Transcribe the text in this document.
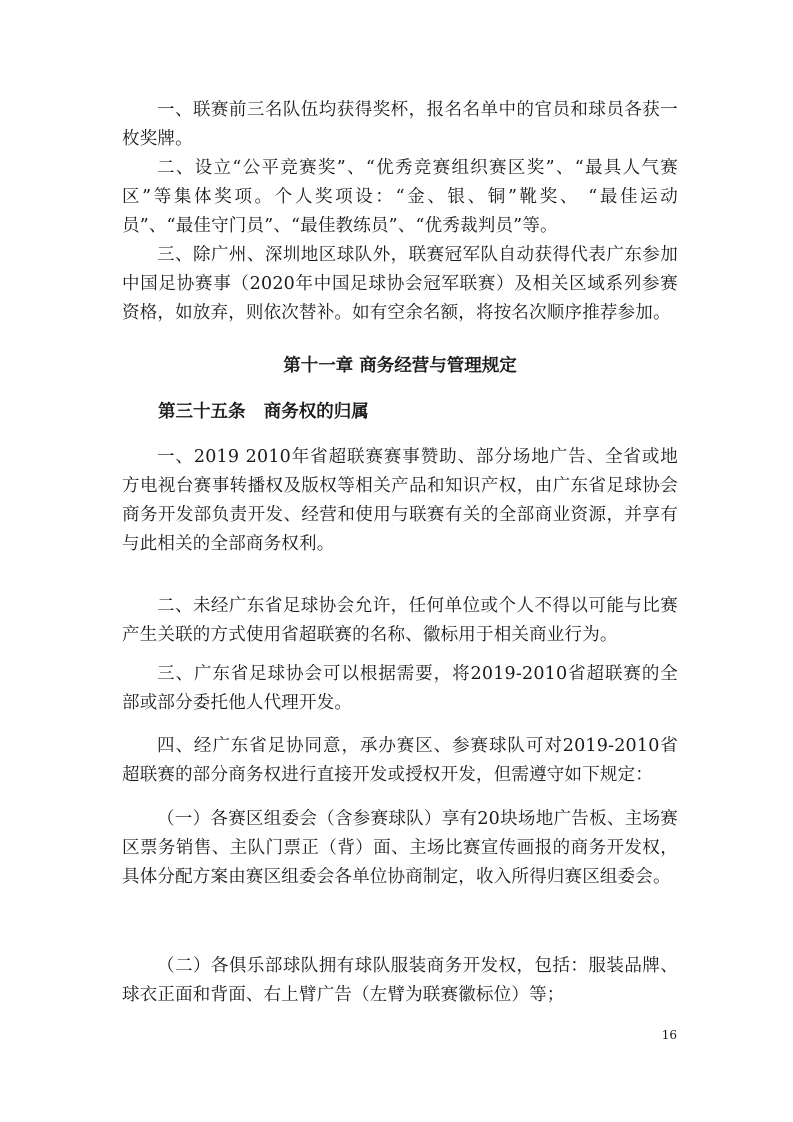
一、联赛前三名队伍均获得奖杯，报名名单中的官员和球员各获一枚奖牌。

二、设立“公平竞赛奖”、“优秀竞赛组织赛区奖”、“最具人气赛区”等集体奖项。个人奖项设：“金、银、铜”靴奖、 “最佳运动员”、“最佳守门员”、“最佳教练员”、“优秀裁判员”等。

三、除广州、深圳地区球队外，联赛冠军队自动获得代表广东参加中国足协赛事（2020年中国足球协会冠军联赛）及相关区域系列参赛资格，如放弃，则依次替补。如有空余名额，将按名次顺序推荐参加。

第十一章 商务经营与管理规定
第三十五条   商务权的归属

一、2019 2010年省超联赛赛事赞助、部分场地广告、全省或地方电视台赛事转播权及版权等相关产品和知识产权，由广东省足球协会商务开发部负责开发、经营和使用与联赛有关的全部商业资源，并享有与此相关的全部商务权利。

二、未经广东省足球协会允许，任何单位或个人不得以可能与比赛产生关联的方式使用省超联赛的名称、徽标用于相关商业行为。

三、广东省足球协会可以根据需要，将2019-2010省超联赛的全部或部分委托他人代理开发。

四、经广东省足协同意，承办赛区、参赛球队可对2019-2010省超联赛的部分商务权进行直接开发或授权开发，但需遵守如下规定：

（一）各赛区组委会（含参赛球队）享有20块场地广告板、主场赛区票务销售、主队门票正（背）面、主场比赛宣传画报的商务开发权，具体分配方案由赛区组委会各单位协商制定，收入所得归赛区组委会。

（二）各俱乐部球队拥有球队服装商务开发权，包括：服装品牌、球衣正面和背面、右上臂广告（左臂为联赛徽标位）等；

16
